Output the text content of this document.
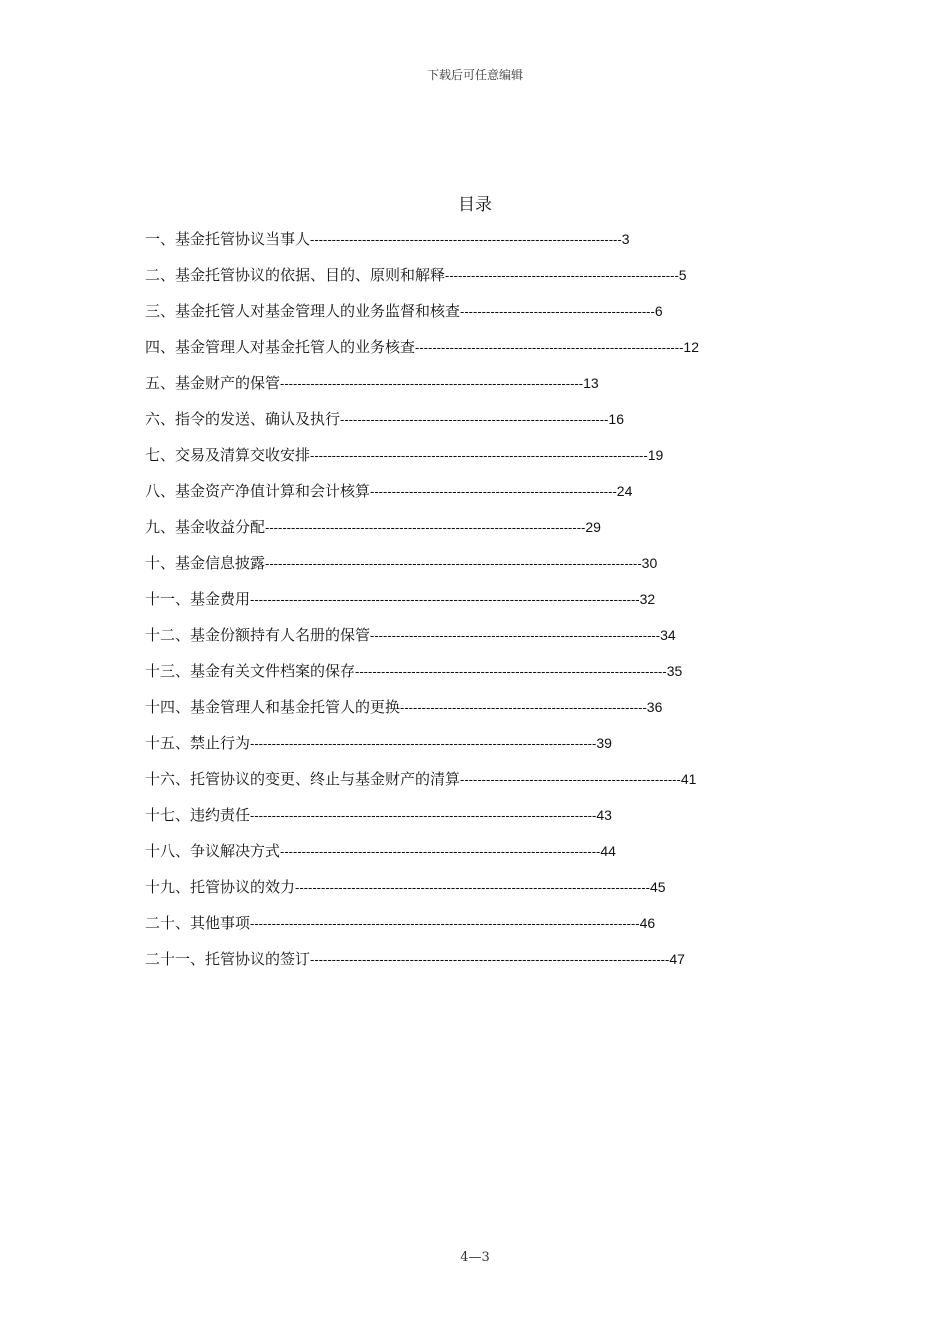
下载后可任意编辑
目录
一、基金托管协议当事人------------------------------------------------------------------------3
二、基金托管协议的依据、目的、原则和解释------------------------------------------------------5
三、基金托管人对基金管理人的业务监督和核查---------------------------------------------6
四、基金管理人对基金托管人的业务核查--------------------------------------------------------------12
五、基金财产的保管----------------------------------------------------------------------13
六、指令的发送、确认及执行--------------------------------------------------------------16
七、交易及清算交收安排------------------------------------------------------------------------------19
八、基金资产净值计算和会计核算---------------------------------------------------------24
九、基金收益分配--------------------------------------------------------------------------29
十、基金信息披露---------------------------------------------------------------------------------------30
十一、基金费用------------------------------------------------------------------------------------------32
十二、基金份额持有人名册的保管-------------------------------------------------------------------34
十三、基金有关文件档案的保存------------------------------------------------------------------------35
十四、基金管理人和基金托管人的更换---------------------------------------------------------36
十五、禁止行为--------------------------------------------------------------------------------39
十六、托管协议的变更、终止与基金财产的清算---------------------------------------------------41
十七、违约责任--------------------------------------------------------------------------------43
十八、争议解决方式--------------------------------------------------------------------------44
十九、托管协议的效力----------------------------------------------------------------------------------45
二十、其他事项------------------------------------------------------------------------------------------46
二十一、托管协议的签订-----------------------------------------------------------------------------------47
4—3
